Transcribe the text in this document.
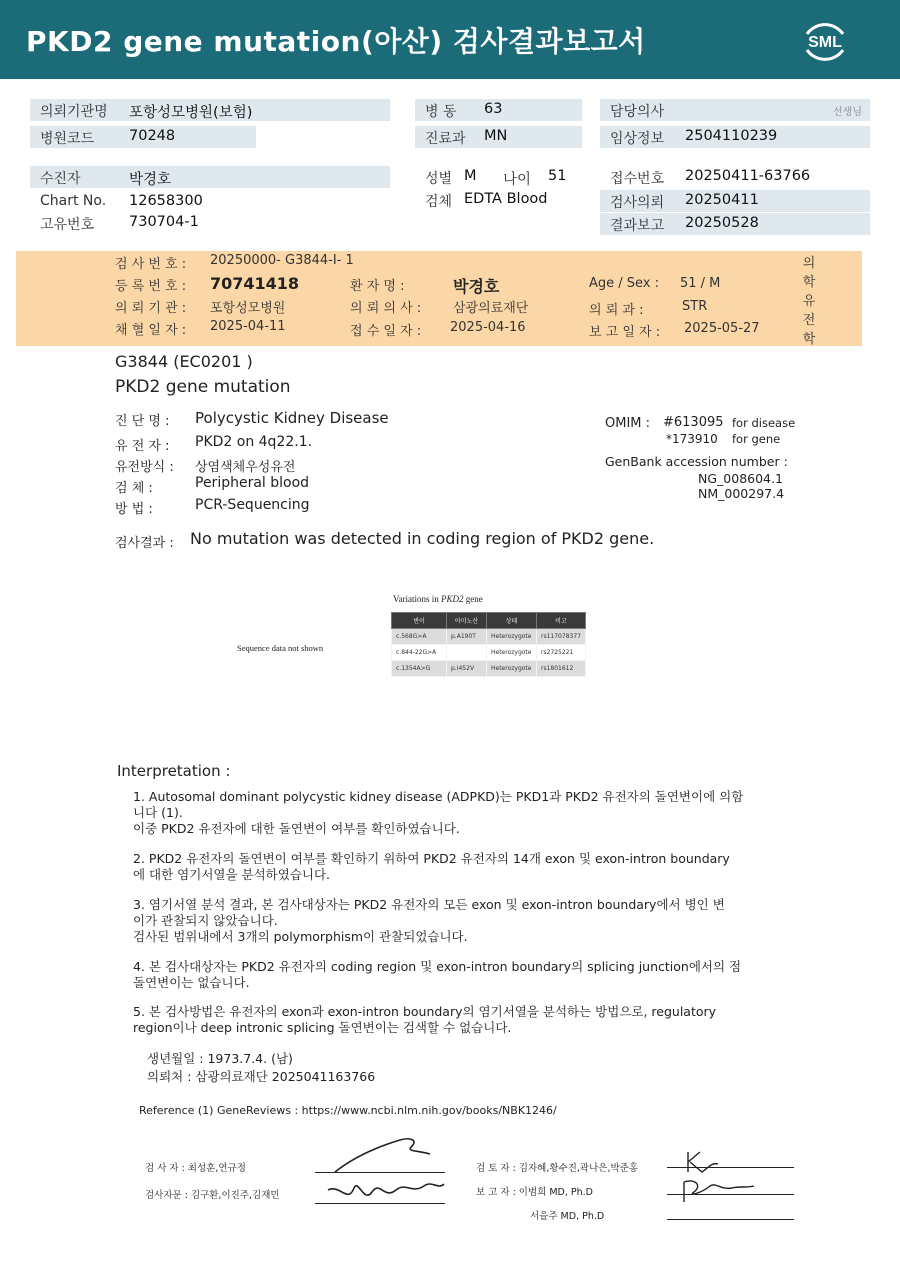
PKD2 gene mutation(아산) 검사결과보고서	SML
의뢰기관명 포항성모병원(보험)
병원코드 70248
병 동 63
진료과 MN
담당의사	선생님
임상정보 2504110239
수진자	박경호
Chart No. 12658300
고유번호 730704-1
성별 M 나이 51
검체 EDTA Blood
접수번호 20250411-63766
검사의뢰 20250411
결과보고 20250528
검 사 번 호 : 20250000- G3844-I- 1
등 록 번 호 : 70741418	환 자 명 :	박경호	Age / Sex : 51 / M
의 뢰 기 관 : 포항성모병원	의 뢰 의 사 : 삼광의료재단	의 뢰 과 :	STR
채 혈 일 자 : 2025-04-11	접 수 일 자 : 2025-04-16	보 고 일 자 : 2025-05-27
의
학
유
전
학
G3844 (EC0201 )
PKD2 gene mutation
진 단 명 : Polycystic Kidney Disease
유 전 자 : PKD2 on 4q22.1.
유전방식 : 상염색체우성유전
검 체 :	Peripheral blood
방 법 :	PCR-Sequencing
OMIM : #613095 for disease
*173910 for gene
GenBank accession number :
NG_008604.1
NM_000297.4
검사결과 : No mutation was detected in coding region of PKD2 gene.
Variations in PKD2 gene
Sequence data not shown
변이	아미노산	상태	비고
c.568G>A	p.A190T	Heterozygote	rs117078377
c.844-22G>A		Heterozygote	rs2725221
c.1354A>G	p.I452V	Heterozygote	rs1801612
Interpretation :
1. Autosomal dominant polycystic kidney disease (ADPKD)는 PKD1과 PKD2 유전자의 돌연변이에 의함
니다 (1).
이중 PKD2 유전자에 대한 돌연변이 여부를 확인하였습니다.
2. PKD2 유전자의 돌연변이 여부를 확인하기 위하여 PKD2 유전자의 14개 exon 및 exon-intron boundary
에 대한 염기서열을 분석하였습니다.
3. 염기서열 분석 결과, 본 검사대상자는 PKD2 유전자의 모든 exon 및 exon-intron boundary에서 병인 변
이가 관찰되지 않았습니다.
검사된 범위내에서 3개의 polymorphism이 관찰되었습니다.
4. 본 검사대상자는 PKD2 유전자의 coding region 및 exon-intron boundary의 splicing junction에서의 점
돌연변이는 없습니다.
5. 본 검사방법은 유전자의 exon과 exon-intron boundary의 염기서열을 분석하는 방법으로, regulatory
region이나 deep intronic splicing 돌연변이는 검색할 수 없습니다.
생년월일 : 1973.7.4. (남)
의뢰처 : 삼광의료재단 2025041163766
Reference (1) GeneReviews : https://www.ncbi.nlm.nih.gov/books/NBK1246/
검 사 자 : 최성훈,연규정
검사자문 : 김구환,이진주,김재민
검 토 자 : 김자혜,황수진,곽나은,박준홍
보 고 자 : 이범희 MD, Ph.D
서을주 MD, Ph.D
